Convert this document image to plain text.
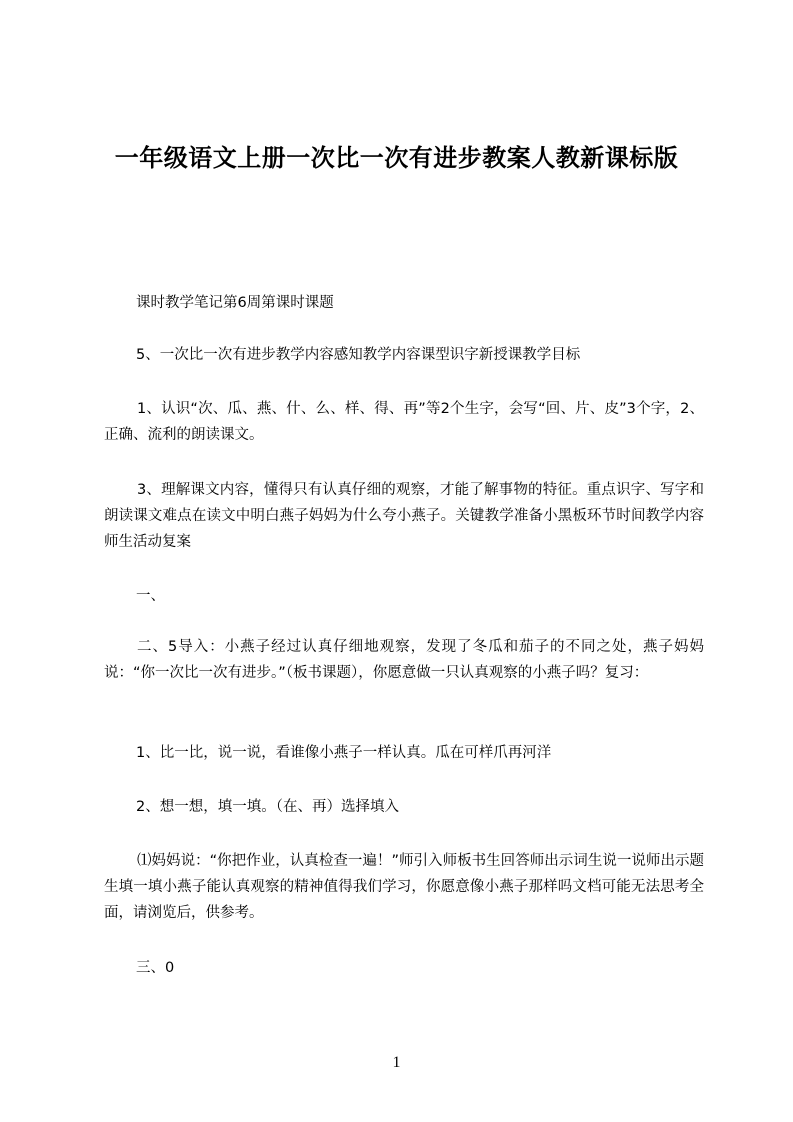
一年级语文上册一次比一次有进步教案人教新课标版
课时教学笔记第6周第课时课题
5、一次比一次有进步教学内容感知教学内容课型识字新授课教学目标
1、认识“次、瓜、燕、什、么、样、得、再”等2个生字，会写“回、片、皮”3个字，2、正确、流利的朗读课文。
3、理解课文内容，懂得只有认真仔细的观察，才能了解事物的特征。重点识字、写字和朗读课文难点在读文中明白燕子妈妈为什么夸小燕子。关键教学准备小黑板环节时间教学内容师生活动复案
一、
二、5导入：小燕子经过认真仔细地观察，发现了冬瓜和茄子的不同之处，燕子妈妈说：“你一次比一次有进步。”（板书课题），你愿意做一只认真观察的小燕子吗？复习：
1、比一比，说一说，看谁像小燕子一样认真。瓜在可样爪再河洋
2、想一想，填一填。（在、再）选择填入
⑴妈妈说：“你把作业，认真检查一遍！”师引入师板书生回答师出示词生说一说师出示题生填一填小燕子能认真观察的精神值得我们学习，你愿意像小燕子那样吗文档可能无法思考全面，请浏览后，供参考。
三、0
1
